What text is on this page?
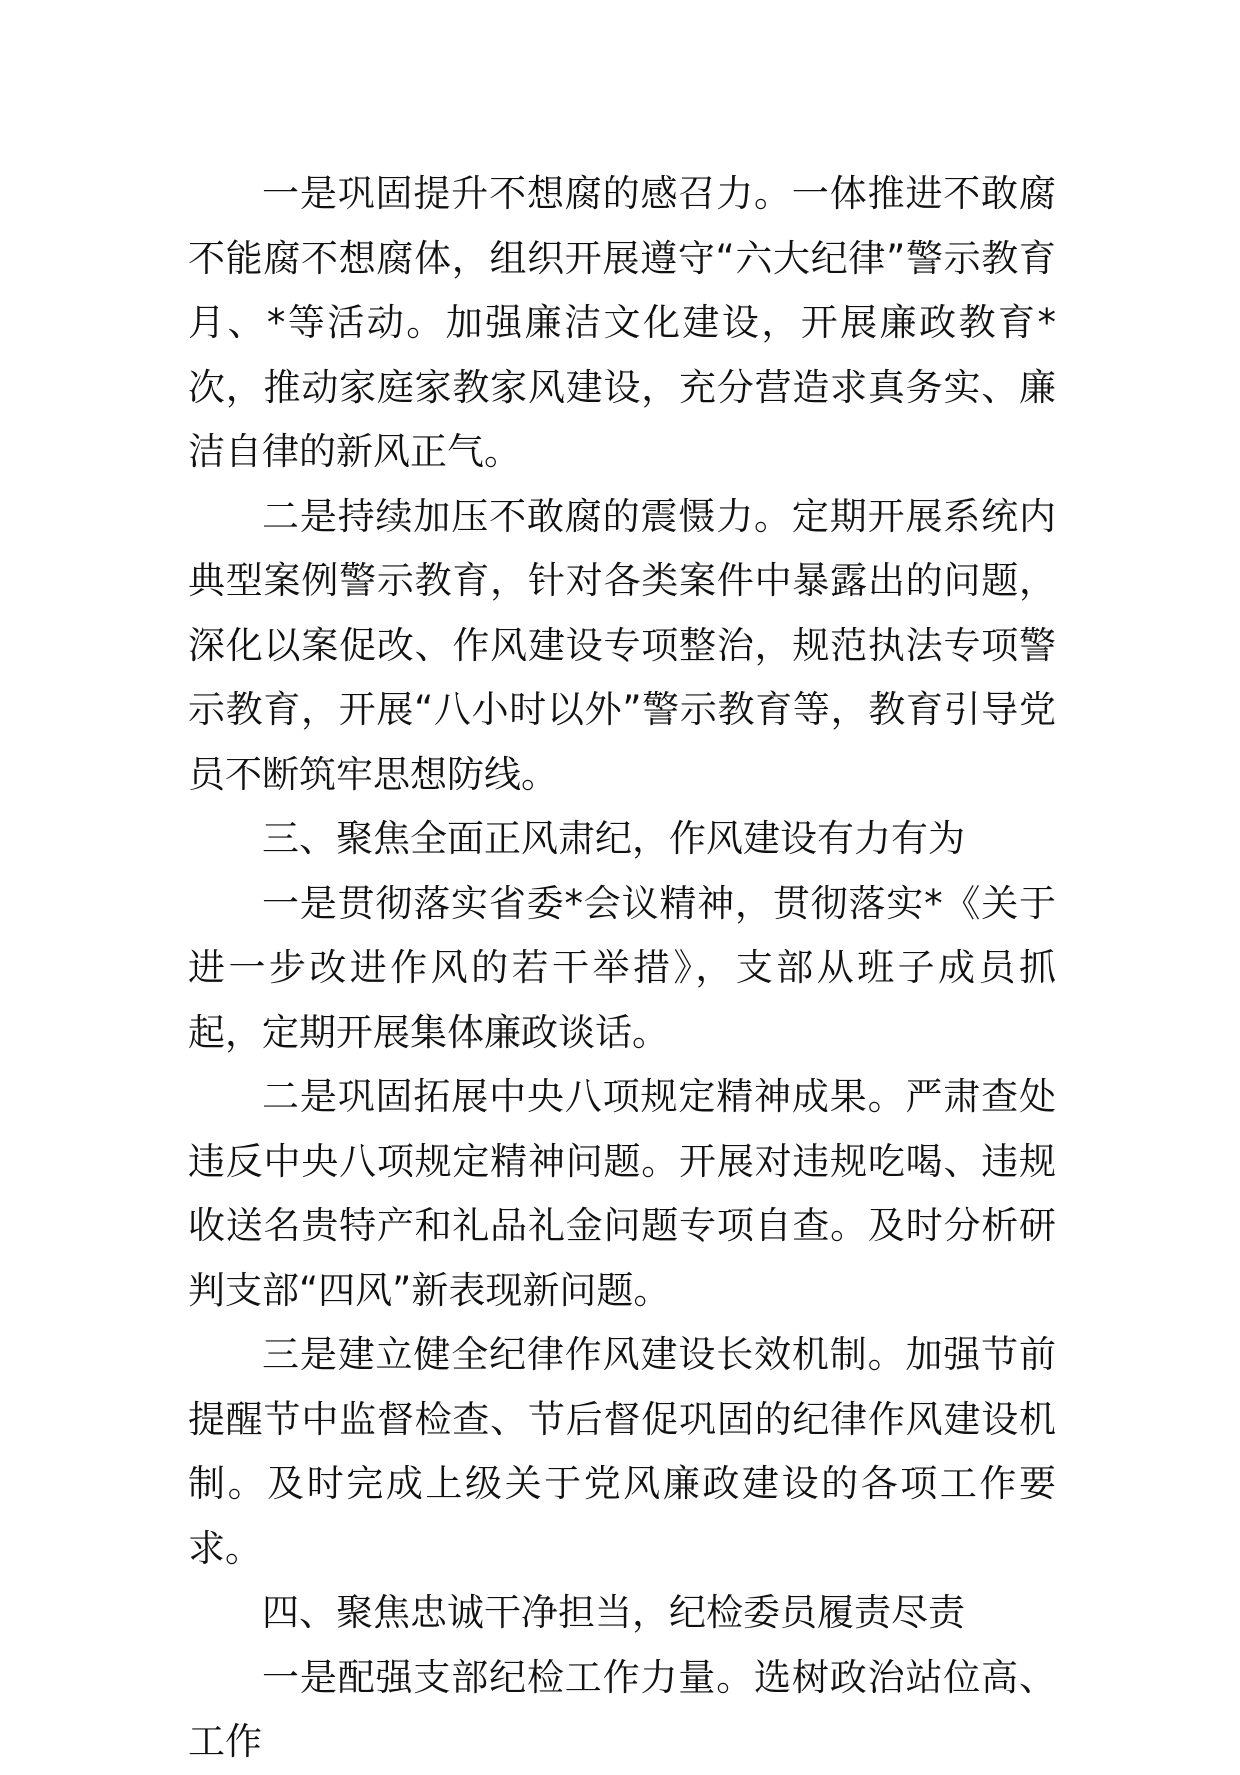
一是巩固提升不想腐的感召力。一体推进不敢腐不能腐不想腐体，组织开展遵守“六大纪律”警示教育月、*等活动。加强廉洁文化建设，开展廉政教育*次，推动家庭家教家风建设，充分营造求真务实、廉洁自律的新风正气。

二是持续加压不敢腐的震慑力。定期开展系统内典型案例警示教育，针对各类案件中暴露出的问题，深化以案促改、作风建设专项整治，规范执法专项警示教育，开展“八小时以外”警示教育等，教育引导党员不断筑牢思想防线。

三、聚焦全面正风肃纪，作风建设有力有为

一是贯彻落实省委*会议精神，贯彻落实*《关于进一步改进作风的若干举措》，支部从班子成员抓起，定期开展集体廉政谈话。

二是巩固拓展中央八项规定精神成果。严肃查处违反中央八项规定精神问题。开展对违规吃喝、违规收送名贵特产和礼品礼金问题专项自查。及时分析研判支部“四风”新表现新问题。

三是建立健全纪律作风建设长效机制。加强节前提醒节中监督检查、节后督促巩固的纪律作风建设机制。及时完成上级关于党风廉政建设的各项工作要求。

四、聚焦忠诚干净担当，纪检委员履责尽责

一是配强支部纪检工作力量。选树政治站位高、工作
